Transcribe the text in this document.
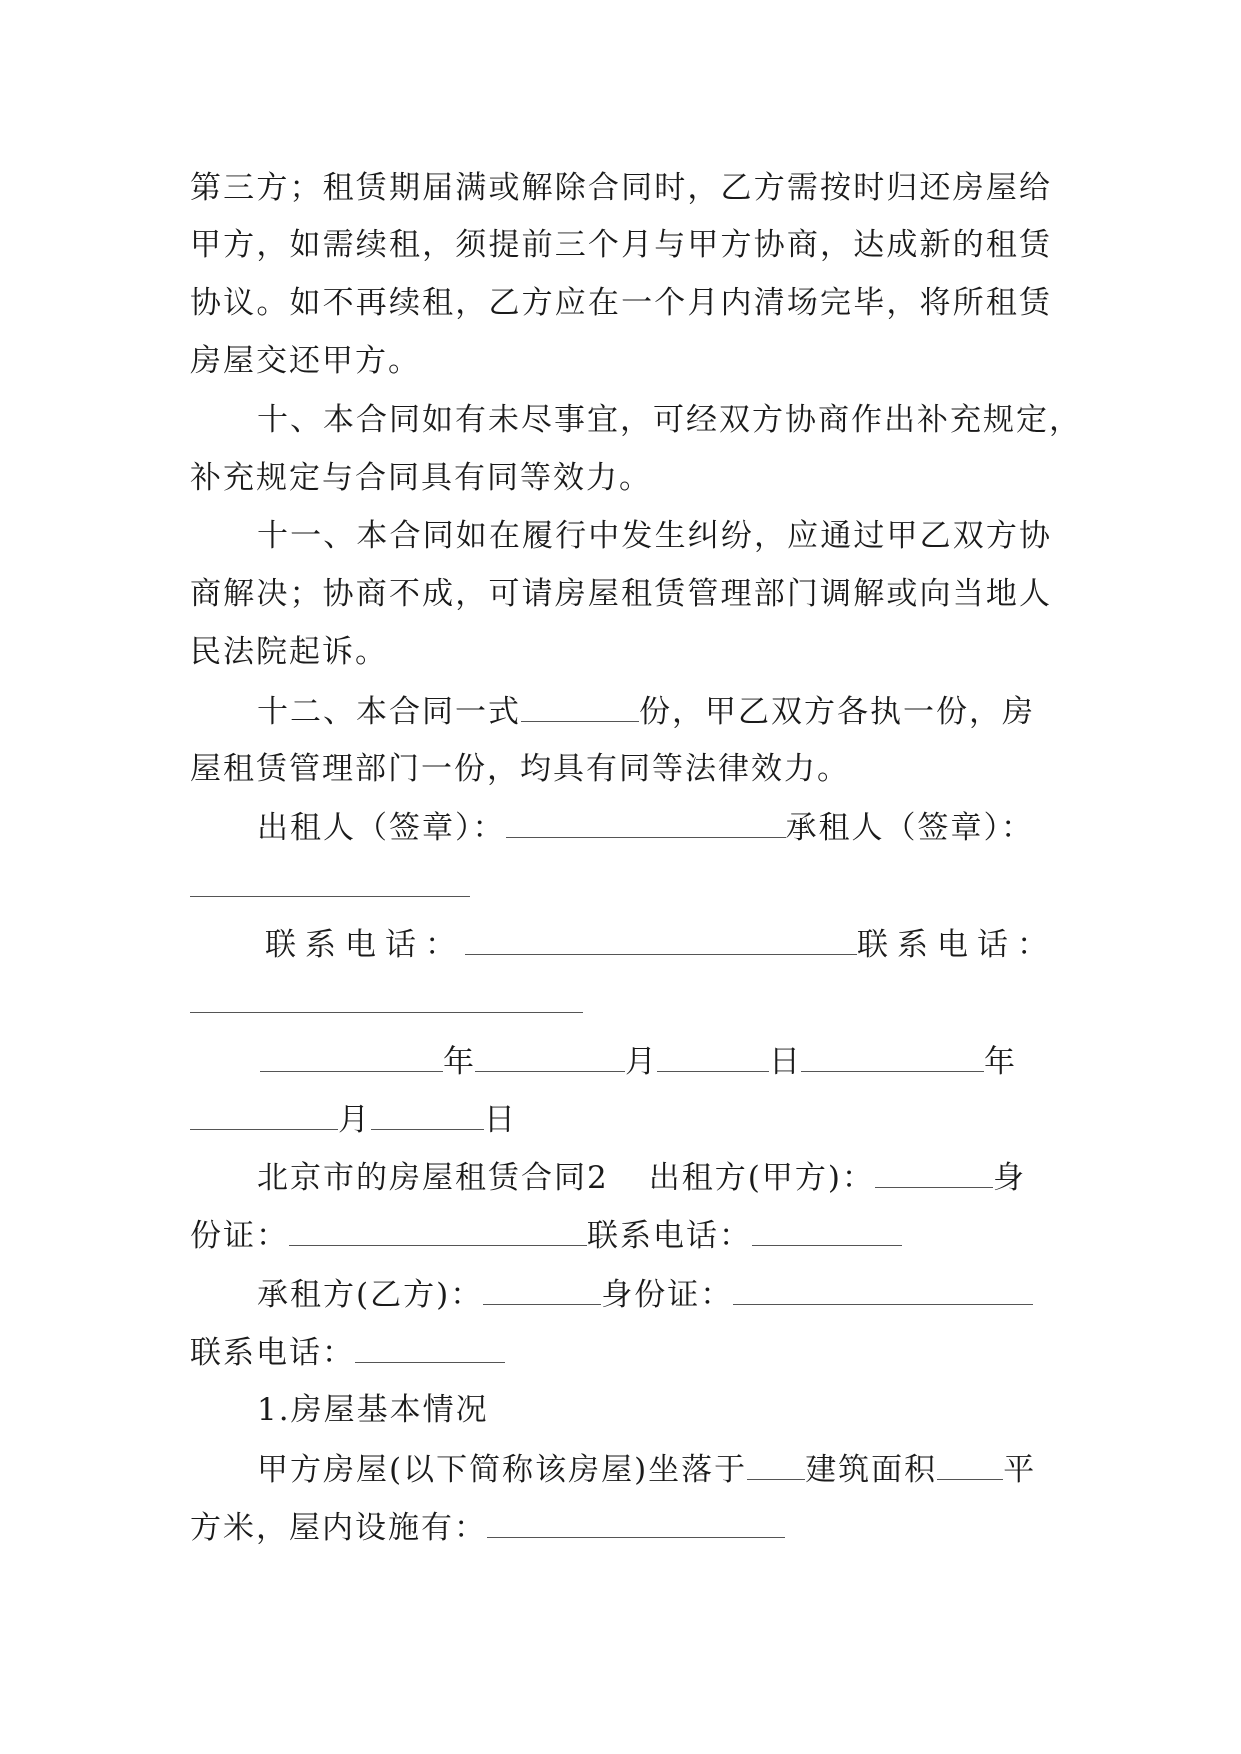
第三方；租赁期届满或解除合同时，乙方需按时归还房屋给
甲方，如需续租，须提前三个月与甲方协商，达成新的租赁
协议。如不再续租，乙方应在一个月内清场完毕，将所租赁
房屋交还甲方。
十、本合同如有未尽事宜，可经双方协商作出补充规定，
补充规定与合同具有同等效力。
十一、本合同如在履行中发生纠纷，应通过甲乙双方协
商解决；协商不成，可请房屋租赁管理部门调解或向当地人
民法院起诉。
十二、本合同一式	份，甲乙双方各执一份，房
屋租赁管理部门一份，均具有同等法律效力。
出租人（签章）：	承租人（签章）：
联系电话：	联系电话：
年	月	日	年
月	日
北京市的房屋租赁合同2 出租方(甲方)：	身
份证：	联系电话：
承租方(乙方)：	身份证：
联系电话：
1.房屋基本情况
甲方房屋(以下简称该房屋)坐落于 建筑面积 平
方米，屋内设施有：
